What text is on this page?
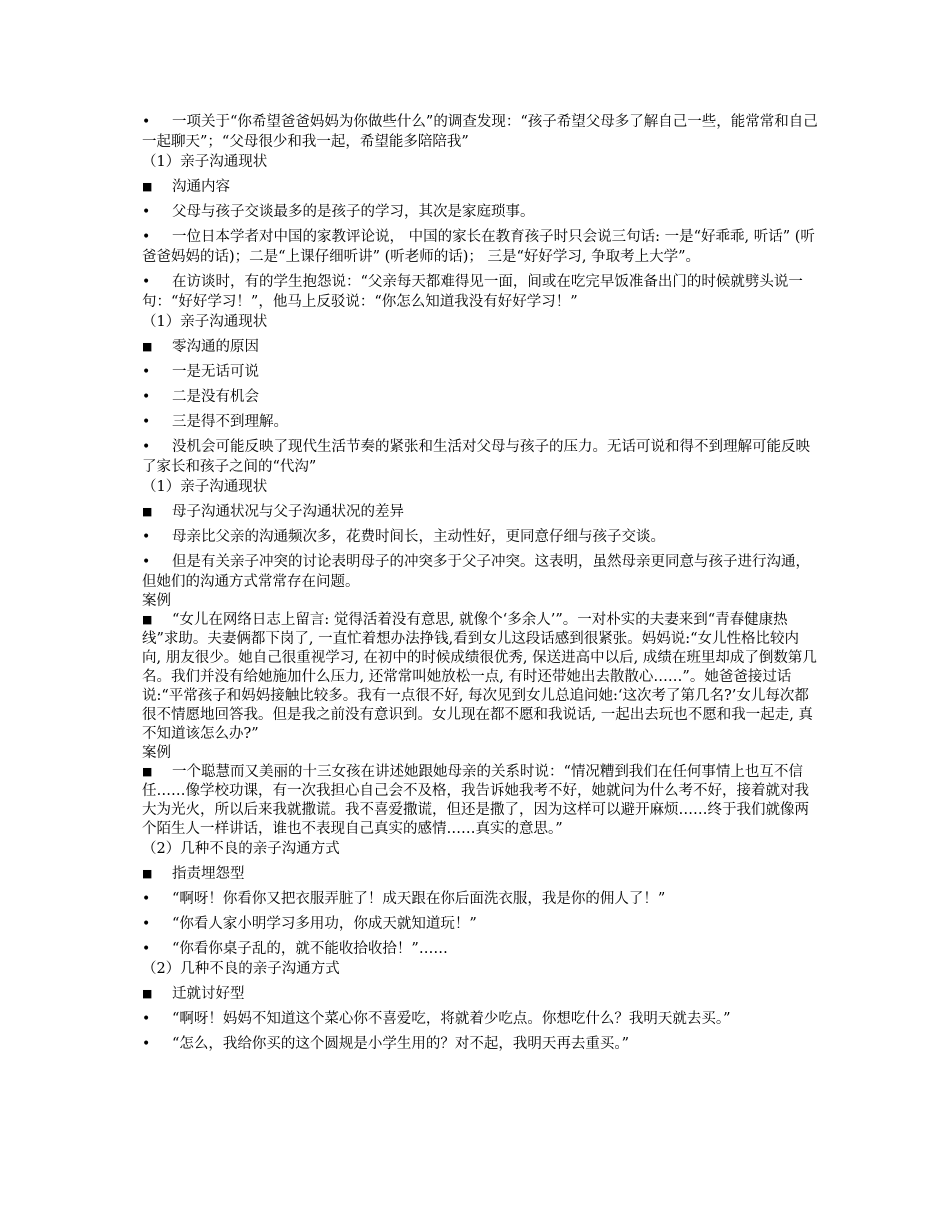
• 一项关于“你希望爸爸妈妈为你做些什么”的调查发现：“孩子希望父母多了解自己一些，能常常和自己一起聊天”；“父母很少和我一起，希望能多陪陪我”

（1）亲子沟通现状

■ 沟通内容

• 父母与孩子交谈最多的是孩子的学习，其次是家庭琐事。

• 一位日本学者对中国的家教评论说， 中国的家长在教育孩子时只会说三句话: 一是“好乖乖, 听话” (听爸爸妈妈的话)；二是“上课仔细听讲” (听老师的话)； 三是“好好学习, 争取考上大学”。

• 在访谈时，有的学生抱怨说：“父亲每天都难得见一面，间或在吃完早饭准备出门的时候就劈头说一句：“好好学习！”，他马上反驳说：“你怎么知道我没有好好学习！”

（1）亲子沟通现状

■ 零沟通的原因

• 一是无话可说

• 二是没有机会

• 三是得不到理解。

• 没机会可能反映了现代生活节奏的紧张和生活对父母与孩子的压力。无话可说和得不到理解可能反映了家长和孩子之间的“代沟”

（1）亲子沟通现状

■ 母子沟通状况与父子沟通状况的差异

• 母亲比父亲的沟通频次多，花费时间长，主动性好，更同意仔细与孩子交谈。

• 但是有关亲子冲突的讨论表明母子的冲突多于父子冲突。这表明，虽然母亲更同意与孩子进行沟通，但她们的沟通方式常常存在问题。

案例

■ “女儿在网络日志上留言: 觉得活着没有意思, 就像个‘多余人’”。一对朴实的夫妻来到“青春健康热线”求助。夫妻俩都下岗了, 一直忙着想办法挣钱,看到女儿这段话感到很紧张。妈妈说:“女儿性格比较内向, 朋友很少。她自己很重视学习, 在初中的时候成绩很优秀, 保送进高中以后, 成绩在班里却成了倒数第几名。我们并没有给她施加什么压力, 还常常叫她放松一点, 有时还带她出去散散心……”。她爸爸接过话说:“平常孩子和妈妈接触比较多。我有一点很不好, 每次见到女儿总追问她:‘这次考了第几名?’女儿每次都很不情愿地回答我。但是我之前没有意识到。女儿现在都不愿和我说话, 一起出去玩也不愿和我一起走, 真不知道该怎么办?”

案例

■ 一个聪慧而又美丽的十三女孩在讲述她跟她母亲的关系时说：“情况糟到我们在任何事情上也互不信任……像学校功课，有一次我担心自己会不及格，我告诉她我考不好，她就问为什么考不好，接着就对我大为光火，所以后来我就撒谎。我不喜爱撒谎，但还是撒了，因为这样可以避开麻烦……终于我们就像两个陌生人一样讲话，谁也不表现自己真实的感情……真实的意思。”

（2）几种不良的亲子沟通方式

■ 指责埋怨型

• “啊呀！你看你又把衣服弄脏了！成天跟在你后面洗衣服，我是你的佣人了！”

• “你看人家小明学习多用功，你成天就知道玩！”

• “你看你桌子乱的，就不能收拾收拾！”……

（2）几种不良的亲子沟通方式

■ 迁就讨好型

• “啊呀！妈妈不知道这个菜心你不喜爱吃，将就着少吃点。你想吃什么？我明天就去买。”

• “怎么，我给你买的这个圆规是小学生用的？对不起，我明天再去重买。”
